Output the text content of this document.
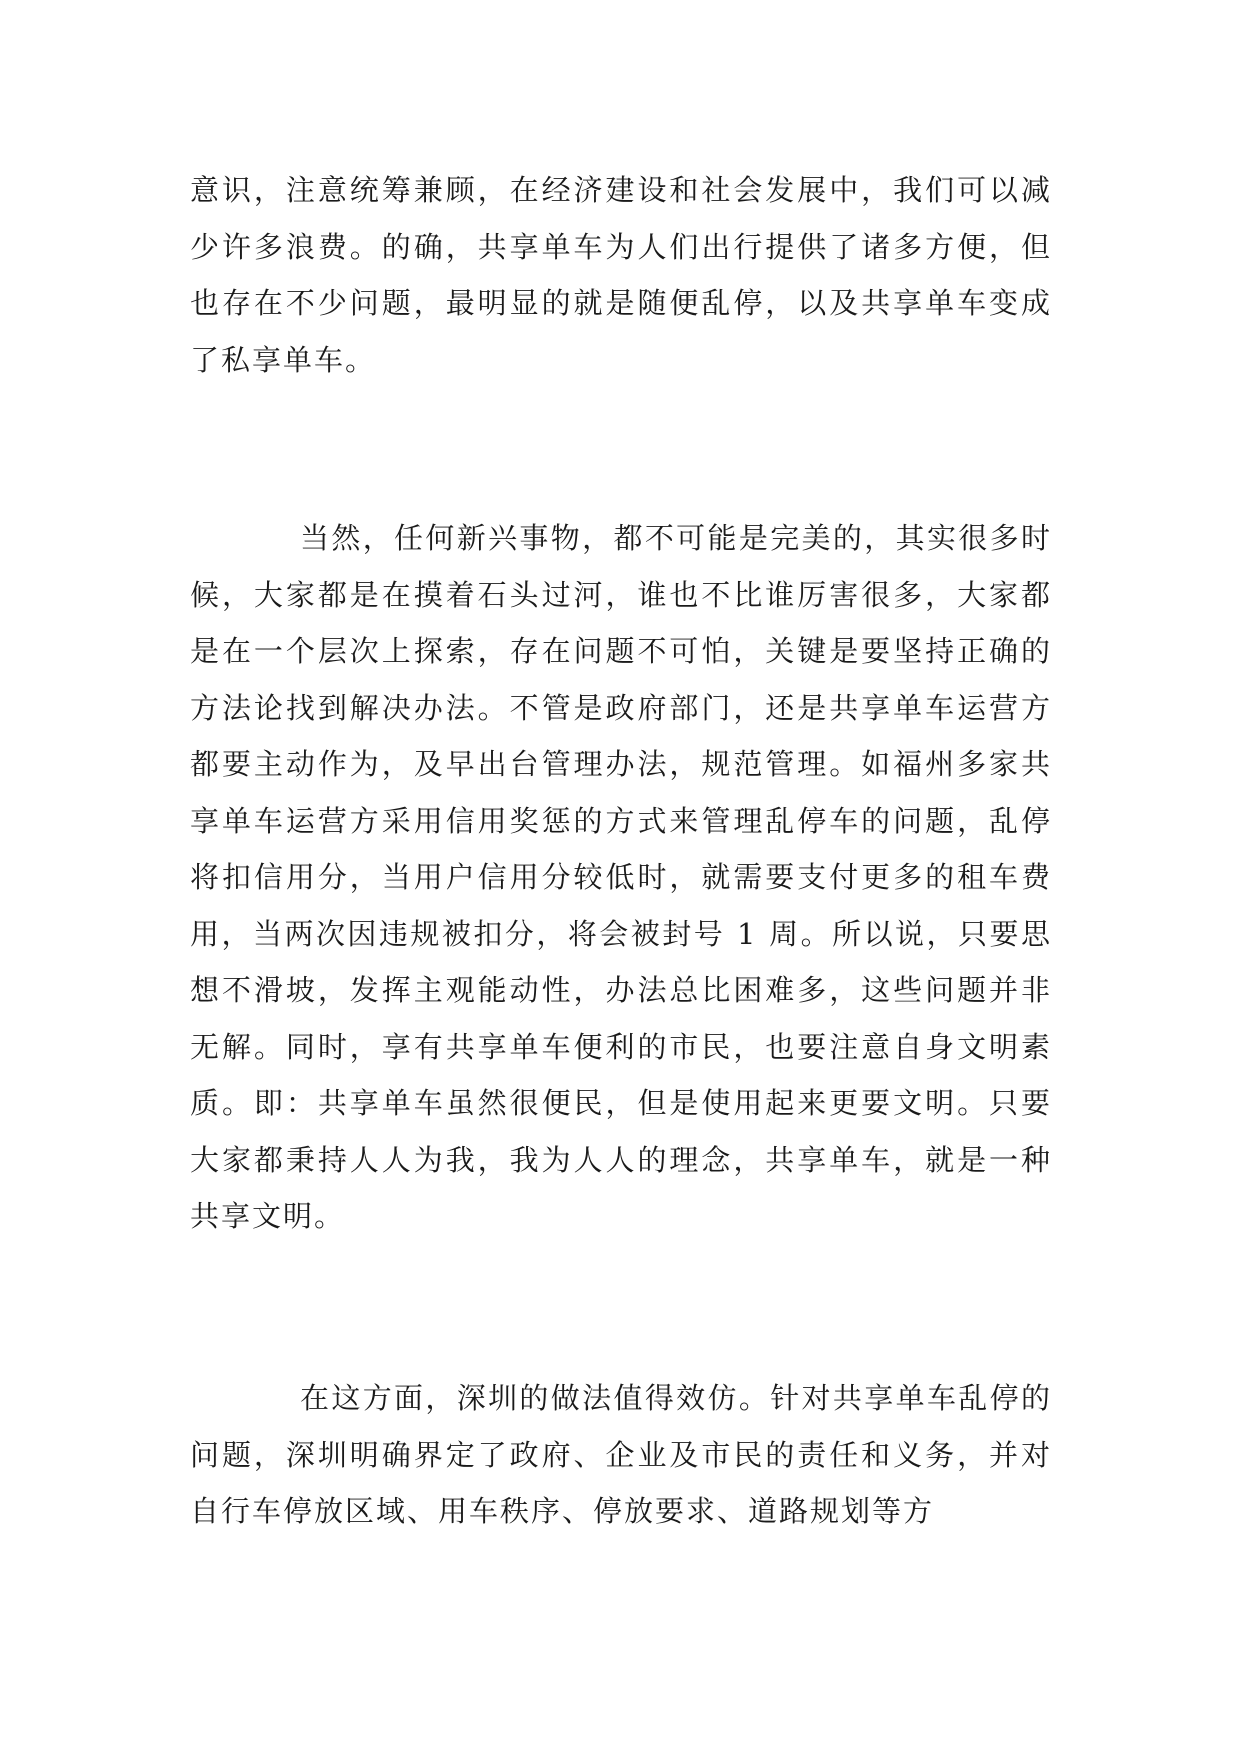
意识，注意统筹兼顾，在经济建设和社会发展中，我们可以减少许多浪费。的确，共享单车为人们出行提供了诸多方便，但也存在不少问题，最明显的就是随便乱停，以及共享单车变成了私享单车。

当然，任何新兴事物，都不可能是完美的，其实很多时候，大家都是在摸着石头过河，谁也不比谁厉害很多，大家都是在一个层次上探索，存在问题不可怕，关键是要坚持正确的方法论找到解决办法。不管是政府部门，还是共享单车运营方都要主动作为，及早出台管理办法，规范管理。如福州多家共享单车运营方采用信用奖惩的方式来管理乱停车的问题，乱停将扣信用分，当用户信用分较低时，就需要支付更多的租车费用，当两次因违规被扣分，将会被封号 1 周。所以说，只要思想不滑坡，发挥主观能动性，办法总比困难多，这些问题并非无解。同时，享有共享单车便利的市民，也要注意自身文明素质。即：共享单车虽然很便民，但是使用起来更要文明。只要大家都秉持人人为我，我为人人的理念，共享单车，就是一种共享文明。

在这方面，深圳的做法值得效仿。针对共享单车乱停的问题，深圳明确界定了政府、企业及市民的责任和义务，并对自行车停放区域、用车秩序、停放要求、道路规划等方
